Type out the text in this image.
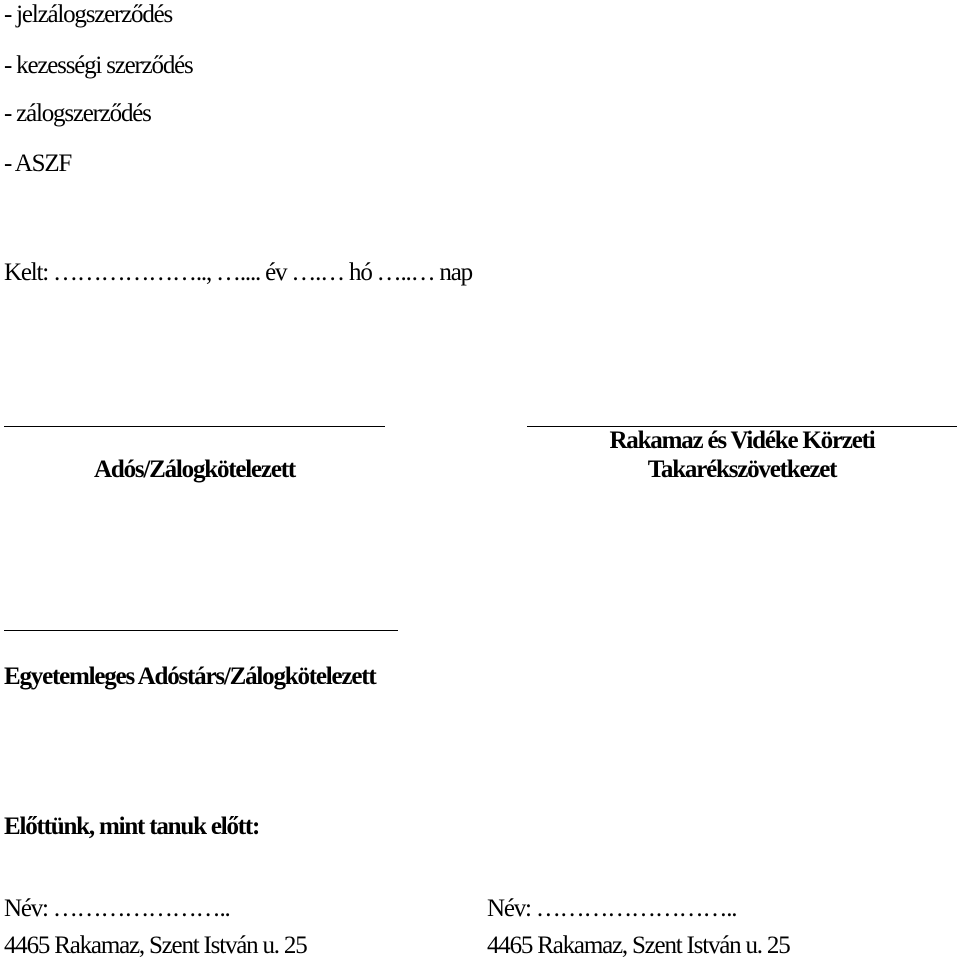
- jelzálogszerződés
- kezességi szerződés
- zálogszerződés
- ASZF
Kelt: ……………….., ….... év ….… hó …..… nap
Adós/Zálogkötelezett
Rakamaz és Vidéke Körzeti
Takarékszövetkezet
Egyetemleges Adóstárs/Zálogkötelezett
Előttünk, mint tanuk előtt:
Név: …………………..
4465 Rakamaz, Szent István u. 25
Név: ……………………..
4465 Rakamaz, Szent István u. 25
